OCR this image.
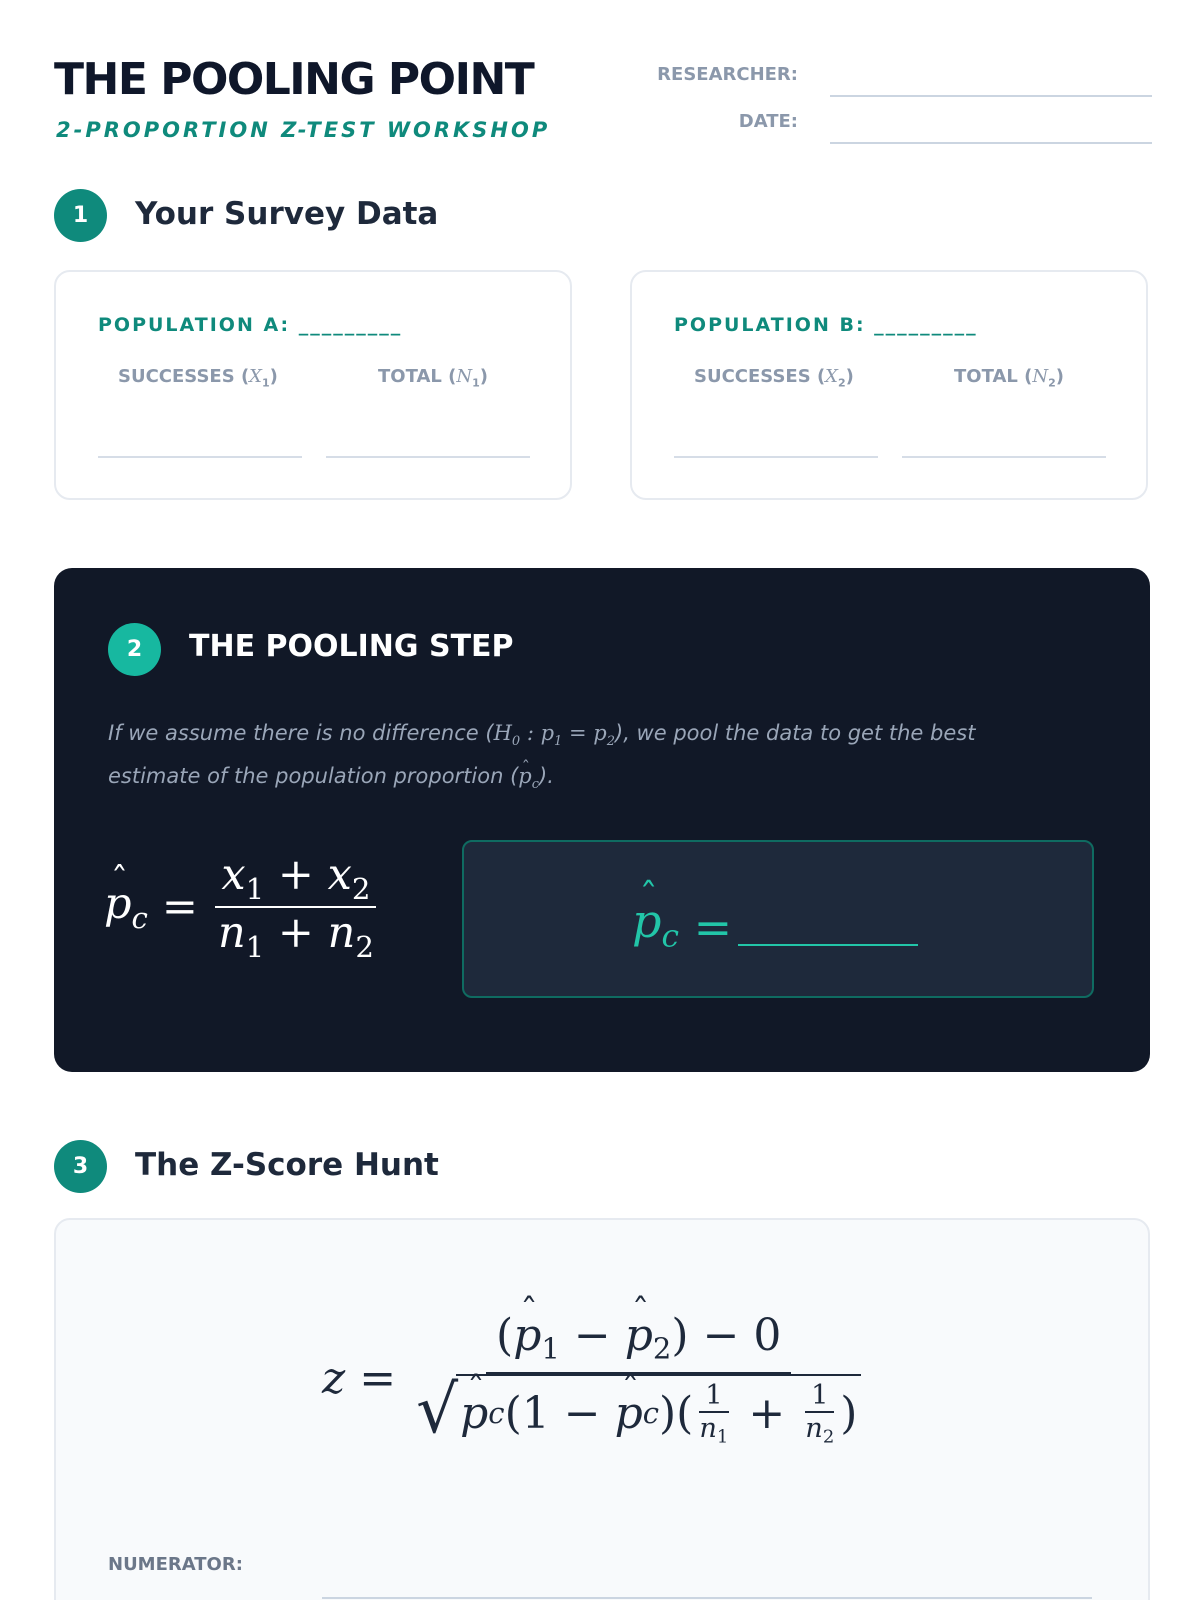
THE POOLING POINT
2-PROPORTION Z-TEST WORKSHOP
RESEARCHER:
DATE:
1	Your Survey Data
POPULATION A: _________
SUCCESSES $(X_1)$	TOTAL $(N_1)$
POPULATION B: _________
SUCCESSES $(X_2)$	TOTAL $(N_2)$
2	THE POOLING STEP
If we assume there is no difference ($H_0$ : $p_1 = p_2$), we pool the data to get the best estimate of the population proportion (ˆ $p_c$).
ˆ $p_c = \frac{x_1 + x_2}{n_1 + n_2}$	ˆ $p_c$
=
3	The Z-Score Hunt
z
=

(ˆ p1 − ˆ p2) − 0
√ ˆ p c (1 −
ˆ p c )( $\frac{1}{n1}$
+
$\frac{1}{n2}$ )
NUMERATOR:
